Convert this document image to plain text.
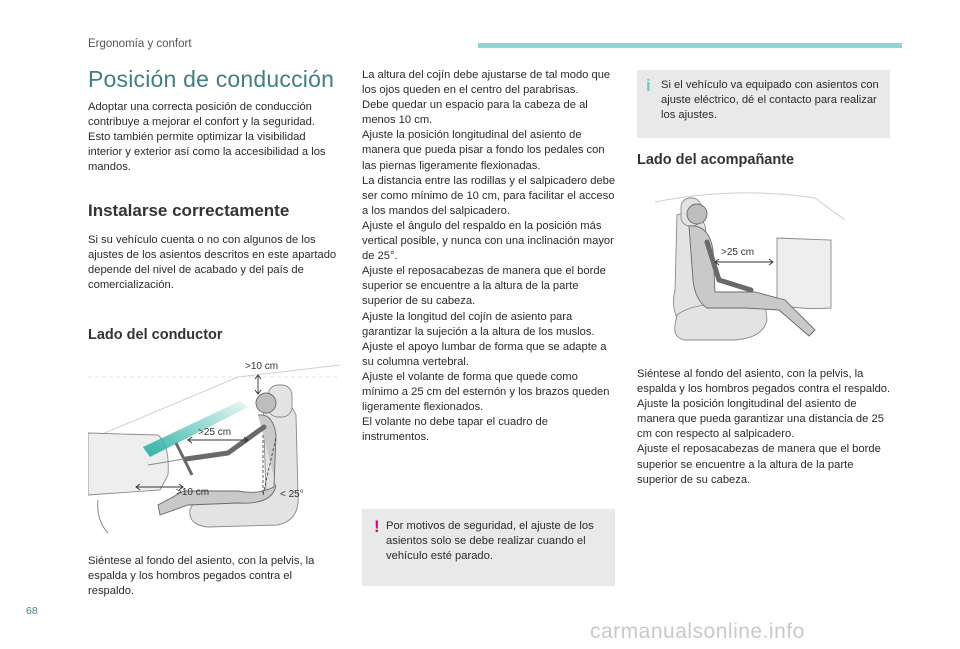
Ergonomía y confort
Posición de conducción
Adoptar una correcta posición de conducción contribuye a mejorar el confort y la seguridad. Esto también permite optimizar la visibilidad interior y exterior así como la accesibilidad a los mandos.
Instalarse correctamente
Si su vehículo cuenta o no con algunos de los ajustes de los asientos descritos en este apartado depende del nivel de acabado y del país de comercialización.
Lado del conductor
>10 cm
>25 cm
>10 cm	< 25°
Siéntese al fondo del asiento, con la pelvis, la espalda y los hombros pegados contra el respaldo.
La altura del cojín debe ajustarse de tal modo que los ojos queden en el centro del parabrisas.
Debe quedar un espacio para la cabeza de al menos 10 cm.
Ajuste la posición longitudinal del asiento de manera que pueda pisar a fondo los pedales con las piernas ligeramente flexionadas.
La distancia entre las rodillas y el salpicadero debe ser como mínimo de 10 cm, para facilitar el acceso a los mandos del salpicadero.
Ajuste el ángulo del respaldo en la posición más vertical posible, y nunca con una inclinación mayor de 25°.
Ajuste el reposacabezas de manera que el borde superior se encuentre a la altura de la parte superior de su cabeza.
Ajuste la longitud del cojín de asiento para garantizar la sujeción a la altura de los muslos.
Ajuste el apoyo lumbar de forma que se adapte a su columna vertebral.
Ajuste el volante de forma que quede como mínimo a 25 cm del esternón y los brazos queden ligeramente flexionados.
El volante no debe tapar el cuadro de instrumentos.
! Por motivos de seguridad, el ajuste de los asientos solo se debe realizar cuando el vehículo esté parado.
i Si el vehículo va equipado con asientos con ajuste eléctrico, dé el contacto para realizar los ajustes.
Lado del acompañante
>25 cm
Siéntese al fondo del asiento, con la pelvis, la espalda y los hombros pegados contra el respaldo.
Ajuste la posición longitudinal del asiento de manera que pueda garantizar una distancia de 25 cm con respecto al salpicadero.
Ajuste el reposacabezas de manera que el borde superior se encuentre a la altura de la parte superior de su cabeza.
68
carmanualsonline.info
